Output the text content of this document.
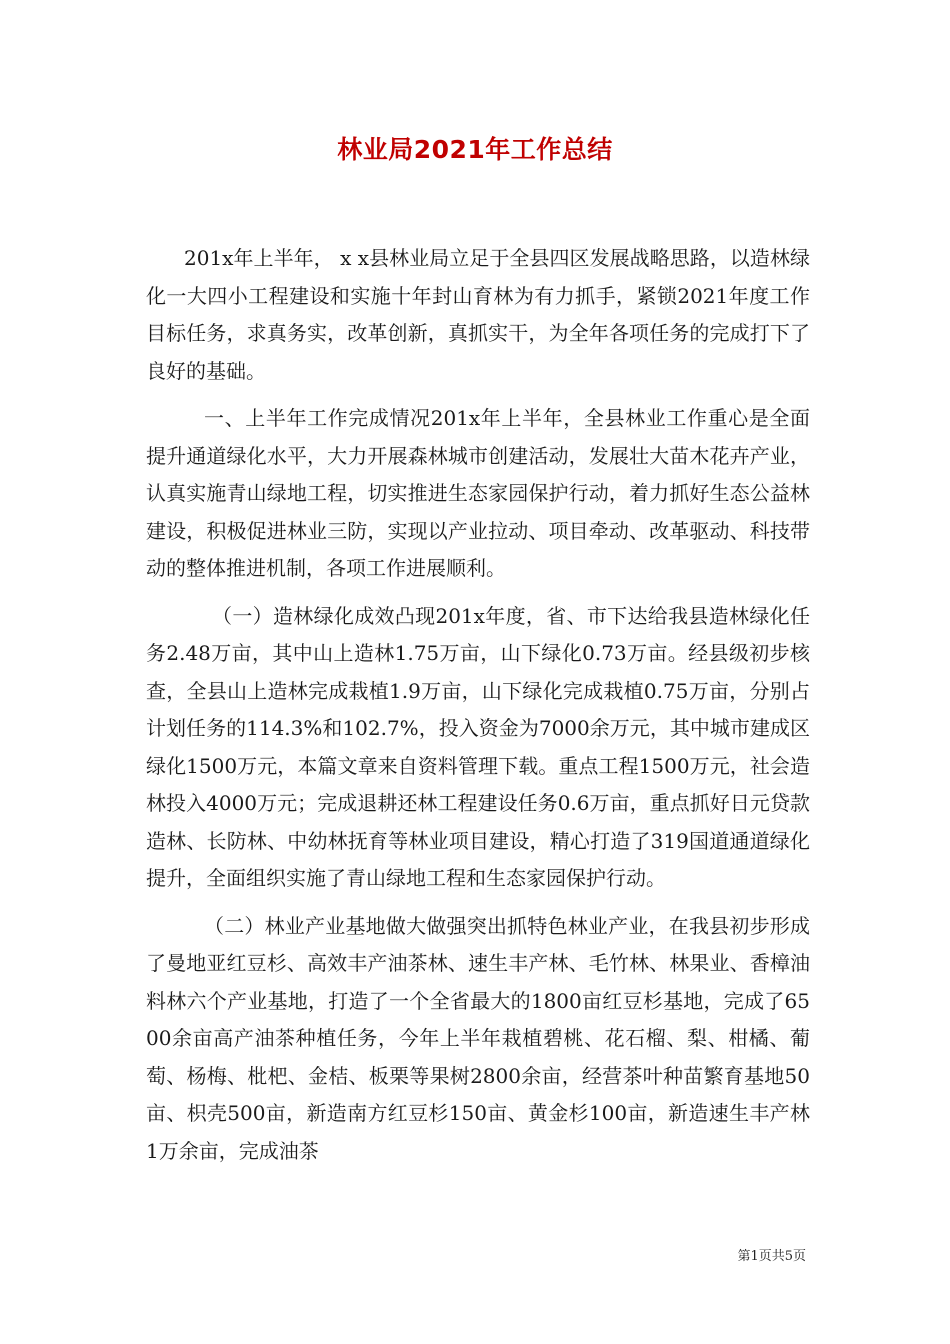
林业局2021年工作总结

201x年上半年， x x县林业局立足于全县四区发展战略思路，以造林绿化一大四小工程建设和实施十年封山育林为有力抓手，紧锁2021年度工作目标任务，求真务实，改革创新，真抓实干，为全年各项任务的完成打下了良好的基础。

一、上半年工作完成情况201x年上半年，全县林业工作重心是全面提升通道绿化水平，大力开展森林城市创建活动，发展壮大苗木花卉产业，认真实施青山绿地工程，切实推进生态家园保护行动，着力抓好生态公益林建设，积极促进林业三防，实现以产业拉动、项目牵动、改革驱动、科技带动的整体推进机制，各项工作进展顺利。

（一）造林绿化成效凸现201x年度，省、市下达给我县造林绿化任务2.48万亩，其中山上造林1.75万亩，山下绿化0.73万亩。经县级初步核查，全县山上造林完成栽植1.9万亩，山下绿化完成栽植0.75万亩，分别占计划任务的114.3%和102.7%，投入资金为7000余万元，其中城市建成区绿化1500万元，本篇文章来自资料管理下载。重点工程1500万元，社会造林投入4000万元；完成退耕还林工程建设任务0.6万亩，重点抓好日元贷款造林、长防林、中幼林抚育等林业项目建设，精心打造了319国道通道绿化提升，全面组织实施了青山绿地工程和生态家园保护行动。

（二）林业产业基地做大做强突出抓特色林业产业，在我县初步形成了曼地亚红豆杉、高效丰产油茶林、速生丰产林、毛竹林、林果业、香樟油料林六个产业基地，打造了一个全省最大的1800亩红豆杉基地，完成了6500余亩高产油茶种植任务，今年上半年栽植碧桃、花石榴、梨、柑橘、葡萄、杨梅、枇杷、金桔、板栗等果树2800余亩，经营茶叶种苗繁育基地50亩、枳壳500亩，新造南方红豆杉150亩、黄金杉100亩，新造速生丰产林1万余亩，完成油茶

第1页共5页
